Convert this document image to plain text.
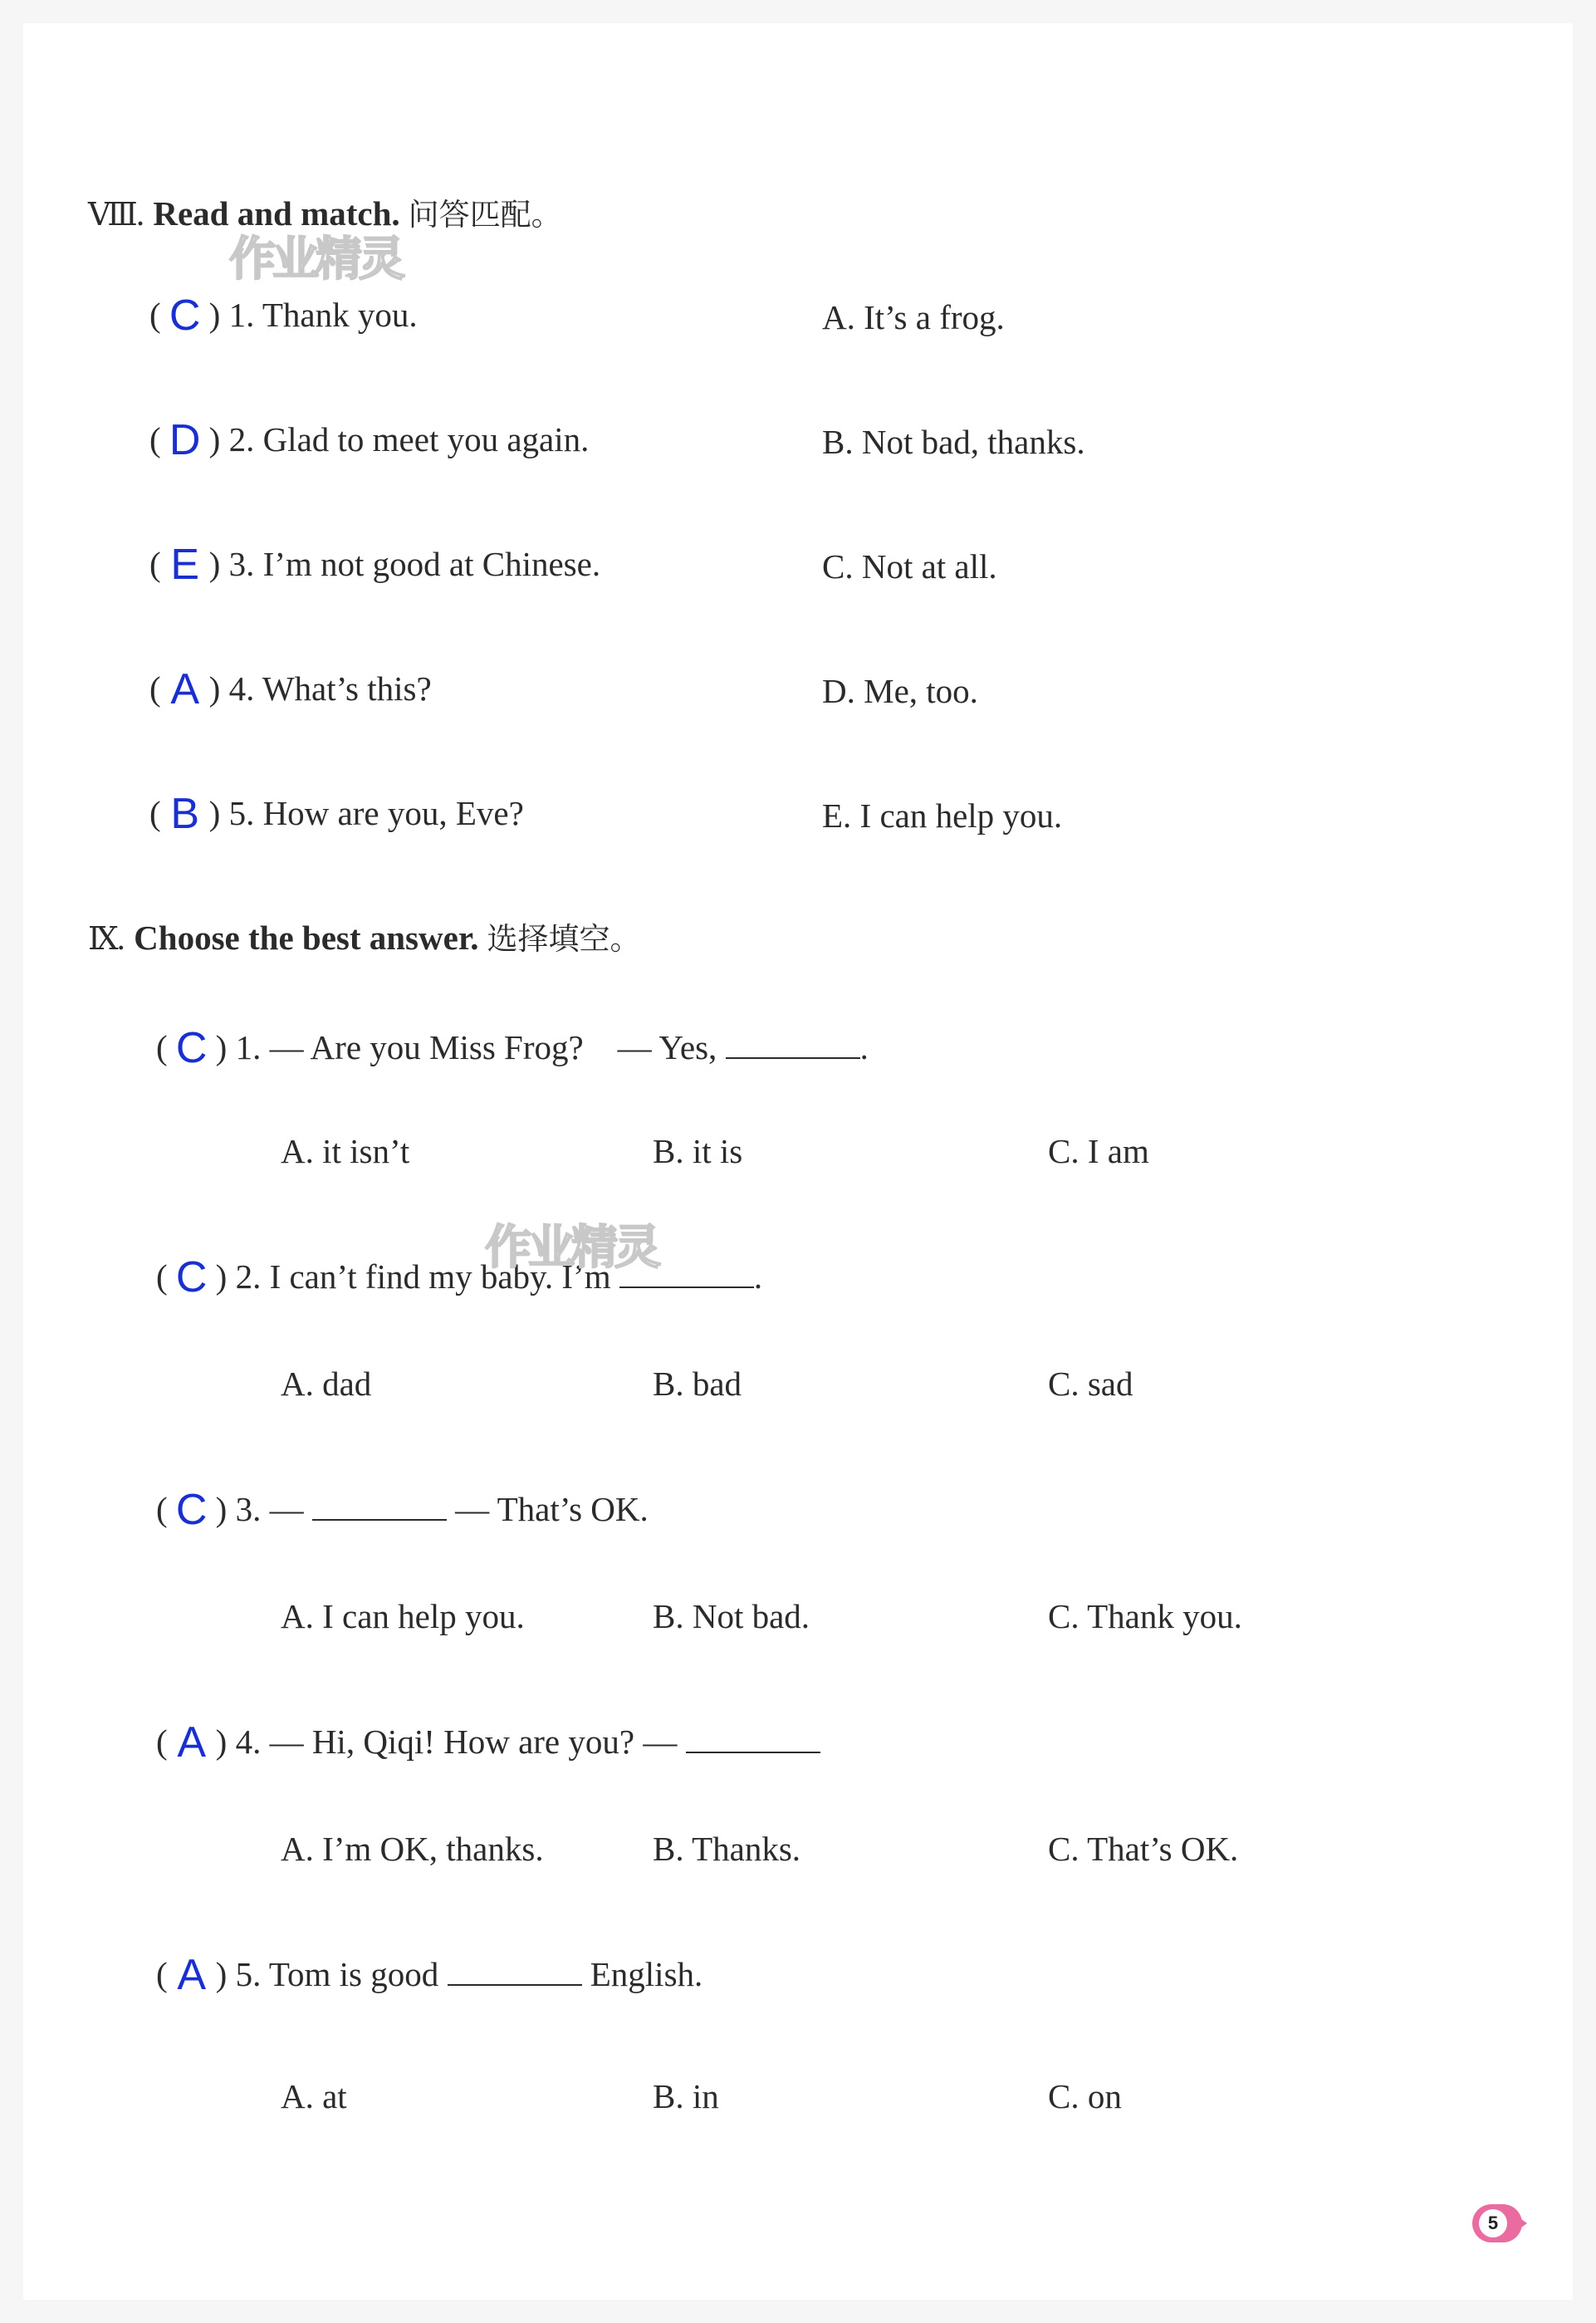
Ⅷ. Read and match. 问答匹配。
( C ) 1. Thank you.	A. It’s a frog.
( D ) 2. Glad to meet you again.	B. Not bad, thanks.
( E ) 3. I’m not good at Chinese.	C. Not at all.
( A ) 4. What’s this?	D. Me, too.
( B ) 5. How are you, Eve?	E. I can help you.
Ⅸ. Choose the best answer. 选择填空。
( C ) 1. — Are you Miss Frog?　— Yes,	.
A. it isn’t	B. it is	C. I am
( C ) 2. I can’t find my baby. I’m	.
A. dad	B. bad	C. sad
( C ) 3. —	— That’s OK.
A. I can help you.	B. Not bad.	C. Thank you.
( A ) 4. — Hi, Qiqi! How are you? —
A. I’m OK, thanks.	B. Thanks.	C. That’s OK.
( A ) 5. Tom is good	English.
A. at	B. in	C. on
作业精灵
作业精灵
5
